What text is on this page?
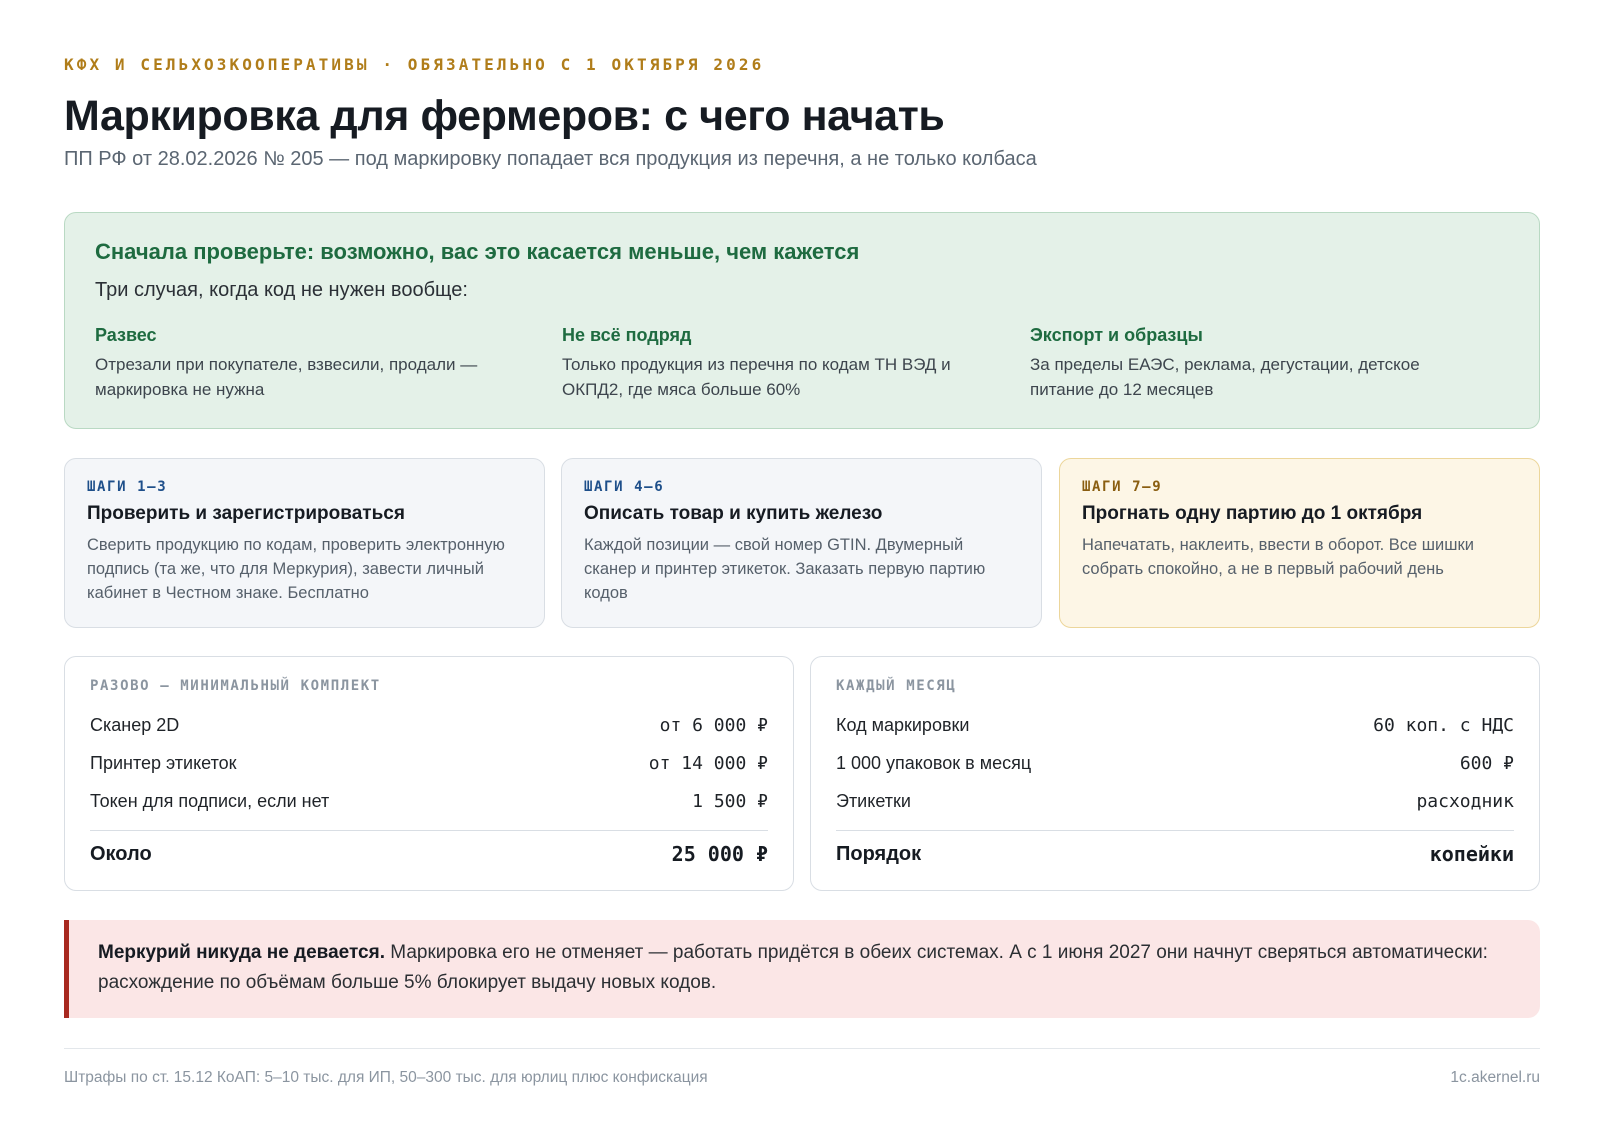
КФХ И СЕЛЬХОЗКООПЕРАТИВЫ · ОБЯЗАТЕЛЬНО С 1 ОКТЯБРЯ 2026
Маркировка для фермеров: с чего начать
ПП РФ от 28.02.2026 № 205 — под маркировку попадает вся продукция из перечня, а не только колбаса
Сначала проверьте: возможно, вас это касается меньше, чем кажется
Три случая, когда код не нужен вообще:
Развес
Отрезали при покупателе, взвесили, продали — маркировка не нужна
Не всё подряд
Только продукция из перечня по кодам ТН ВЭД и ОКПД2, где мяса больше 60%
Экспорт и образцы
За пределы ЕАЭС, реклама, дегустации, детское питание до 12 месяцев
ШАГИ 1–3
Проверить и зарегистрироваться
Сверить продукцию по кодам, проверить электронную подпись (та же, что для Меркурия), завести личный кабинет в Честном знаке. Бесплатно
ШАГИ 4–6
Описать товар и купить железо
Каждой позиции — свой номер GTIN. Двумерный сканер и принтер этикеток. Заказать первую партию кодов
ШАГИ 7–9
Прогнать одну партию до 1 октября
Напечатать, наклеить, ввести в оборот. Все шишки собрать спокойно, а не в первый рабочий день
РАЗОВО — МИНИМАЛЬНЫЙ КОМПЛЕКТ
Сканер 2D	от 6 000 ₽
Принтер этикеток	от 14 000 ₽
Токен для подписи, если нет	1 500 ₽
Около	25 000 ₽
КАЖДЫЙ МЕСЯЦ
Код маркировки	60 коп. с НДС
1 000 упаковок в месяц	600 ₽
Этикетки	расходник
Порядок	копейки
Меркурий никуда не девается. Маркировка его не отменяет — работать придётся в обеих системах. А с 1 июня 2027 они начнут сверяться автоматически: расхождение по объёмам больше 5% блокирует выдачу новых кодов.
Штрафы по ст. 15.12 КоАП: 5–10 тыс. для ИП, 50–300 тыс. для юрлиц плюс конфискация	1c.akernel.ru
